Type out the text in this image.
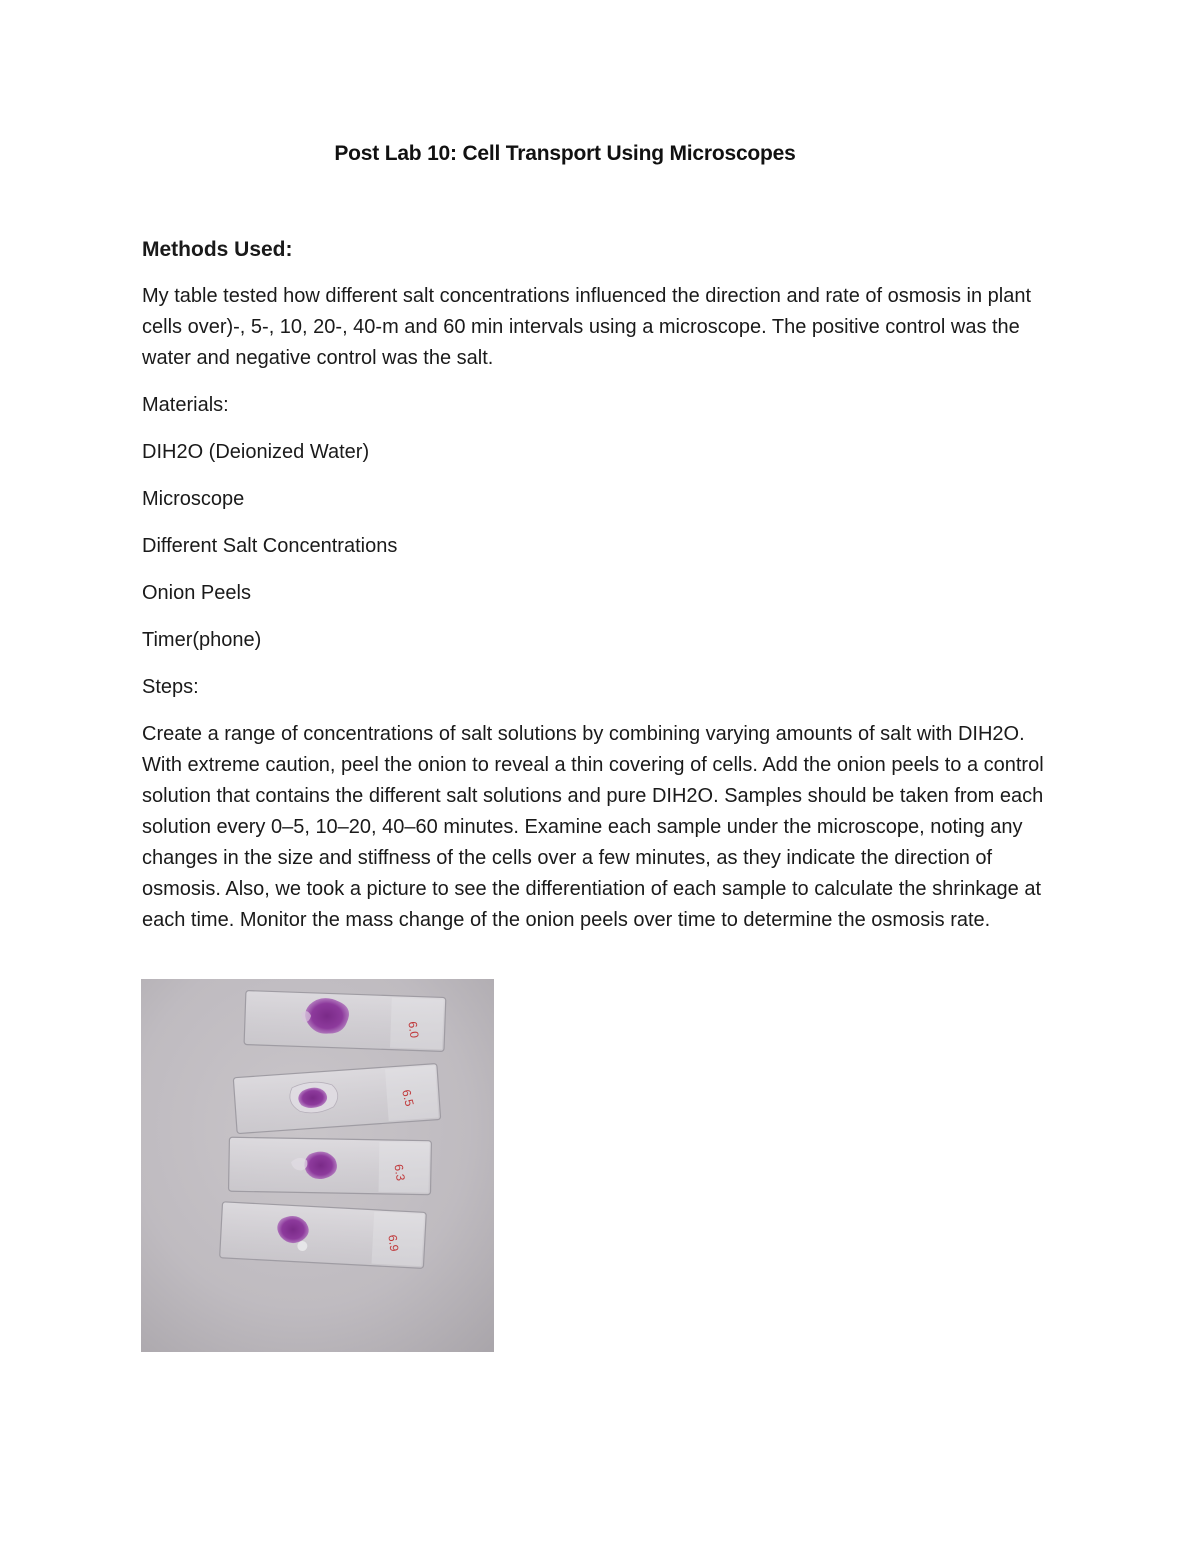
Post Lab 10: Cell Transport Using Microscopes
Methods Used:
My table tested how different salt concentrations influenced the direction and rate of osmosis in plant cells over)-, 5-, 10, 20-, 40-m and 60 min intervals using a microscope. The positive control was the water and negative control was the salt.
Materials:
DIH2O (Deionized Water)
Microscope
Different Salt Concentrations
Onion Peels
Timer(phone)
Steps:
Create a range of concentrations of salt solutions by combining varying amounts of salt with DIH2O. With extreme caution, peel the onion to reveal a thin covering of cells. Add the onion peels to a control solution that contains the different salt solutions and pure DIH2O. Samples should be taken from each solution every 0–5, 10–20, 40–60 minutes. Examine each sample under the microscope, noting any changes in the size and stiffness of the cells over a few minutes, as they indicate the direction of osmosis. Also, we took a picture to see the differentiation of each sample to calculate the shrinkage at each time. Monitor the mass change of the onion peels over time to determine the osmosis rate.
6.0
6.5
6.3
6.9
